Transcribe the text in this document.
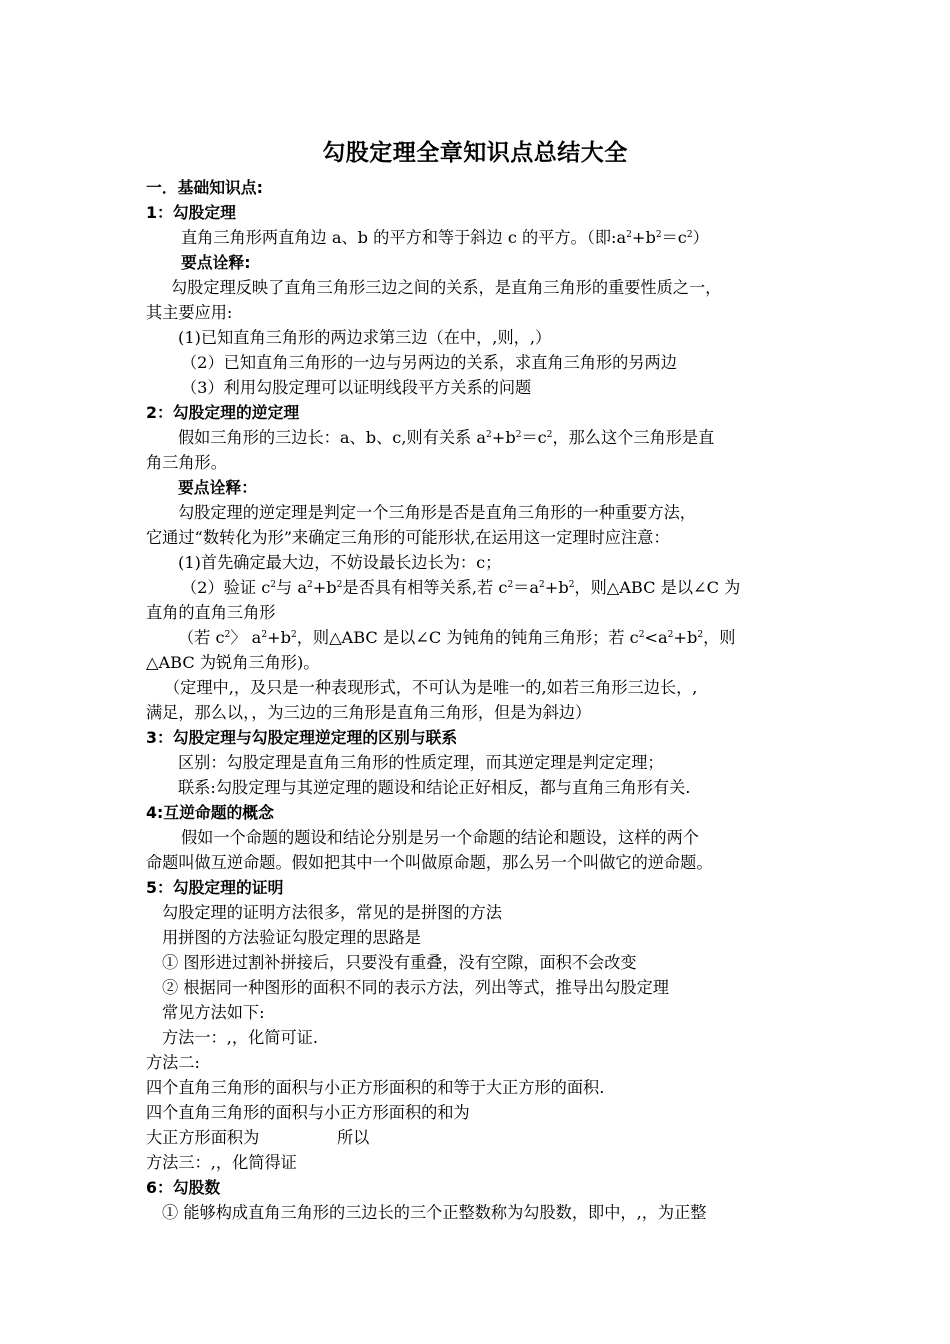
勾股定理全章知识点总结大全
一．基础知识点:
1：勾股定理
直角三角形两直角边 a、b 的平方和等于斜边 c 的平方。（即$:a^2+b^2=c^2$）
要点诠释:
勾股定理反映了直角三角形三边之间的关系，是直角三角形的重要性质之一，
其主要应用:
(1)已知直角三角形的两边求第三边（在中，,则，,）
（2）已知直角三角形的一边与另两边的关系，求直角三角形的另两边
（3）利用勾股定理可以证明线段平方关系的问题
2：勾股定理的逆定理
假如三角形的三边长：a、b、c,则有关系 $a^2+b^2=c^2$，那么这个三角形是直
角三角形。
要点诠释：
勾股定理的逆定理是判定一个三角形是否是直角三角形的一种重要方法，
它通过“数转化为形”来确定三角形的可能形状,在运用这一定理时应注意：
(1)首先确定最大边，不妨设最长边长为：c；
（2）验证 $c^2$与 $a^2+b^2$是否具有相等关系,若 $c^2=a^2+b^2$，则△ABC 是以∠C 为
直角的直角三角形
（若 $c^2$〉 $a^2+b^2$，则△ABC 是以∠C 为钝角的钝角三角形；若 $c^2<a^2+b^2$，则
△ABC 为锐角三角形)。
（定理中,，及只是一种表现形式，不可认为是唯一的,如若三角形三边长，,
满足，那么以，，为三边的三角形是直角三角形，但是为斜边）
3：勾股定理与勾股定理逆定理的区别与联系
区别：勾股定理是直角三角形的性质定理，而其逆定理是判定定理；
联系:勾股定理与其逆定理的题设和结论正好相反，都与直角三角形有关.
4:互逆命题的概念
假如一个命题的题设和结论分别是另一个命题的结论和题设，这样的两个
命题叫做互逆命题。假如把其中一个叫做原命题，那么另一个叫做它的逆命题。
5：勾股定理的证明
勾股定理的证明方法很多，常见的是拼图的方法
用拼图的方法验证勾股定理的思路是
① 图形进过割补拼接后，只要没有重叠，没有空隙，面积不会改变
② 根据同一种图形的面积不同的表示方法，列出等式，推导出勾股定理
常见方法如下:
方法一：,，化简可证.
方法二:
四个直角三角形的面积与小正方形面积的和等于大正方形的面积.
四个直角三角形的面积与小正方形面积的和为
大正方形面积为	所以
方法三：,，化简得证
6：勾股数
① 能够构成直角三角形的三边长的三个正整数称为勾股数，即中，,，为正整
